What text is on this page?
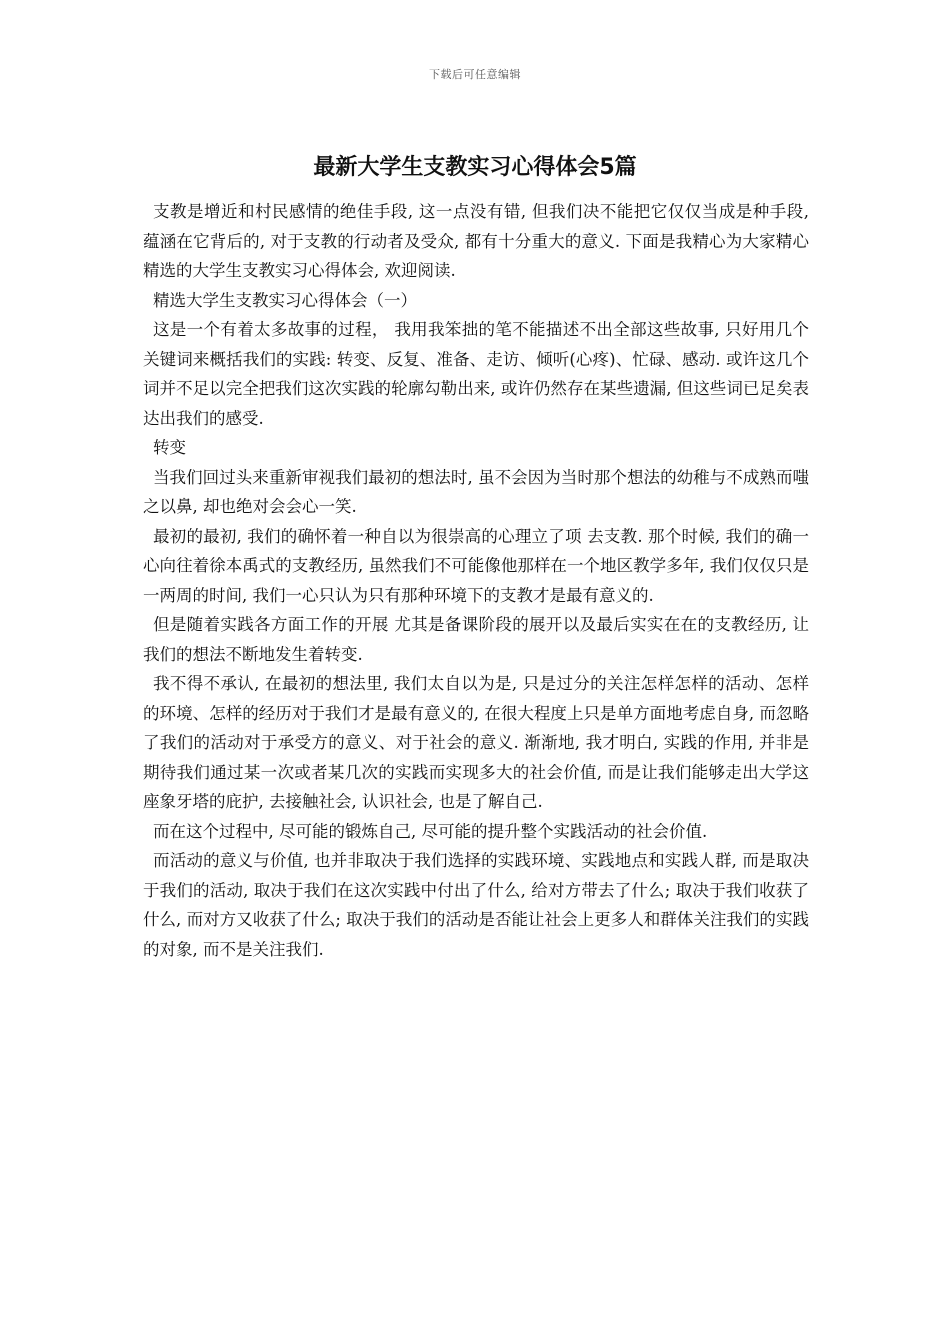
下载后可任意编辑
最新大学生支教实习心得体会5篇

支教是增近和村民感情的绝佳手段, 这一点没有错, 但我们决不能把它仅仅当成是种手段, 蕴涵在它背后的, 对于支教的行动者及受众, 都有十分重大的意义. 下面是我精心为大家精心精选的大学生支教实习心得体会, 欢迎阅读.

精选大学生支教实习心得体会（一）

这是一个有着太多故事的过程， 我用我笨拙的笔不能描述不出全部这些故事, 只好用几个关键词来概括我们的实践: 转变、反复、准备、走访、倾听(心疼)、忙碌、感动. 或许这几个词并不足以完全把我们这次实践的轮廓勾勒出来, 或许仍然存在某些遗漏, 但这些词已足矣表达出我们的感受.

转变

当我们回过头来重新审视我们最初的想法时, 虽不会因为当时那个想法的幼稚与不成熟而嗤之以鼻, 却也绝对会会心一笑.

最初的最初, 我们的确怀着一种自以为很崇高的心理立了项 去支教. 那个时候, 我们的确一心向往着徐本禹式的支教经历, 虽然我们不可能像他那样在一个地区教学多年, 我们仅仅只是一两周的时间, 我们一心只认为只有那种环境下的支教才是最有意义的.

但是随着实践各方面工作的开展 尤其是备课阶段的展开以及最后实实在在的支教经历, 让我们的想法不断地发生着转变.

我不得不承认, 在最初的想法里, 我们太自以为是, 只是过分的关注怎样怎样的活动、怎样的环境、怎样的经历对于我们才是最有意义的, 在很大程度上只是单方面地考虑自身, 而忽略了我们的活动对于承受方的意义、对于社会的意义. 渐渐地, 我才明白, 实践的作用, 并非是期待我们通过某一次或者某几次的实践而实现多大的社会价值, 而是让我们能够走出大学这座象牙塔的庇护, 去接触社会, 认识社会, 也是了解自己.

而在这个过程中, 尽可能的锻炼自己, 尽可能的提升整个实践活动的社会价值.

而活动的意义与价值, 也并非取决于我们选择的实践环境、实践地点和实践人群, 而是取决于我们的活动, 取决于我们在这次实践中付出了什么, 给对方带去了什么; 取决于我们收获了什么, 而对方又收获了什么; 取决于我们的活动是否能让社会上更多人和群体关注我们的实践的对象, 而不是关注我们.
